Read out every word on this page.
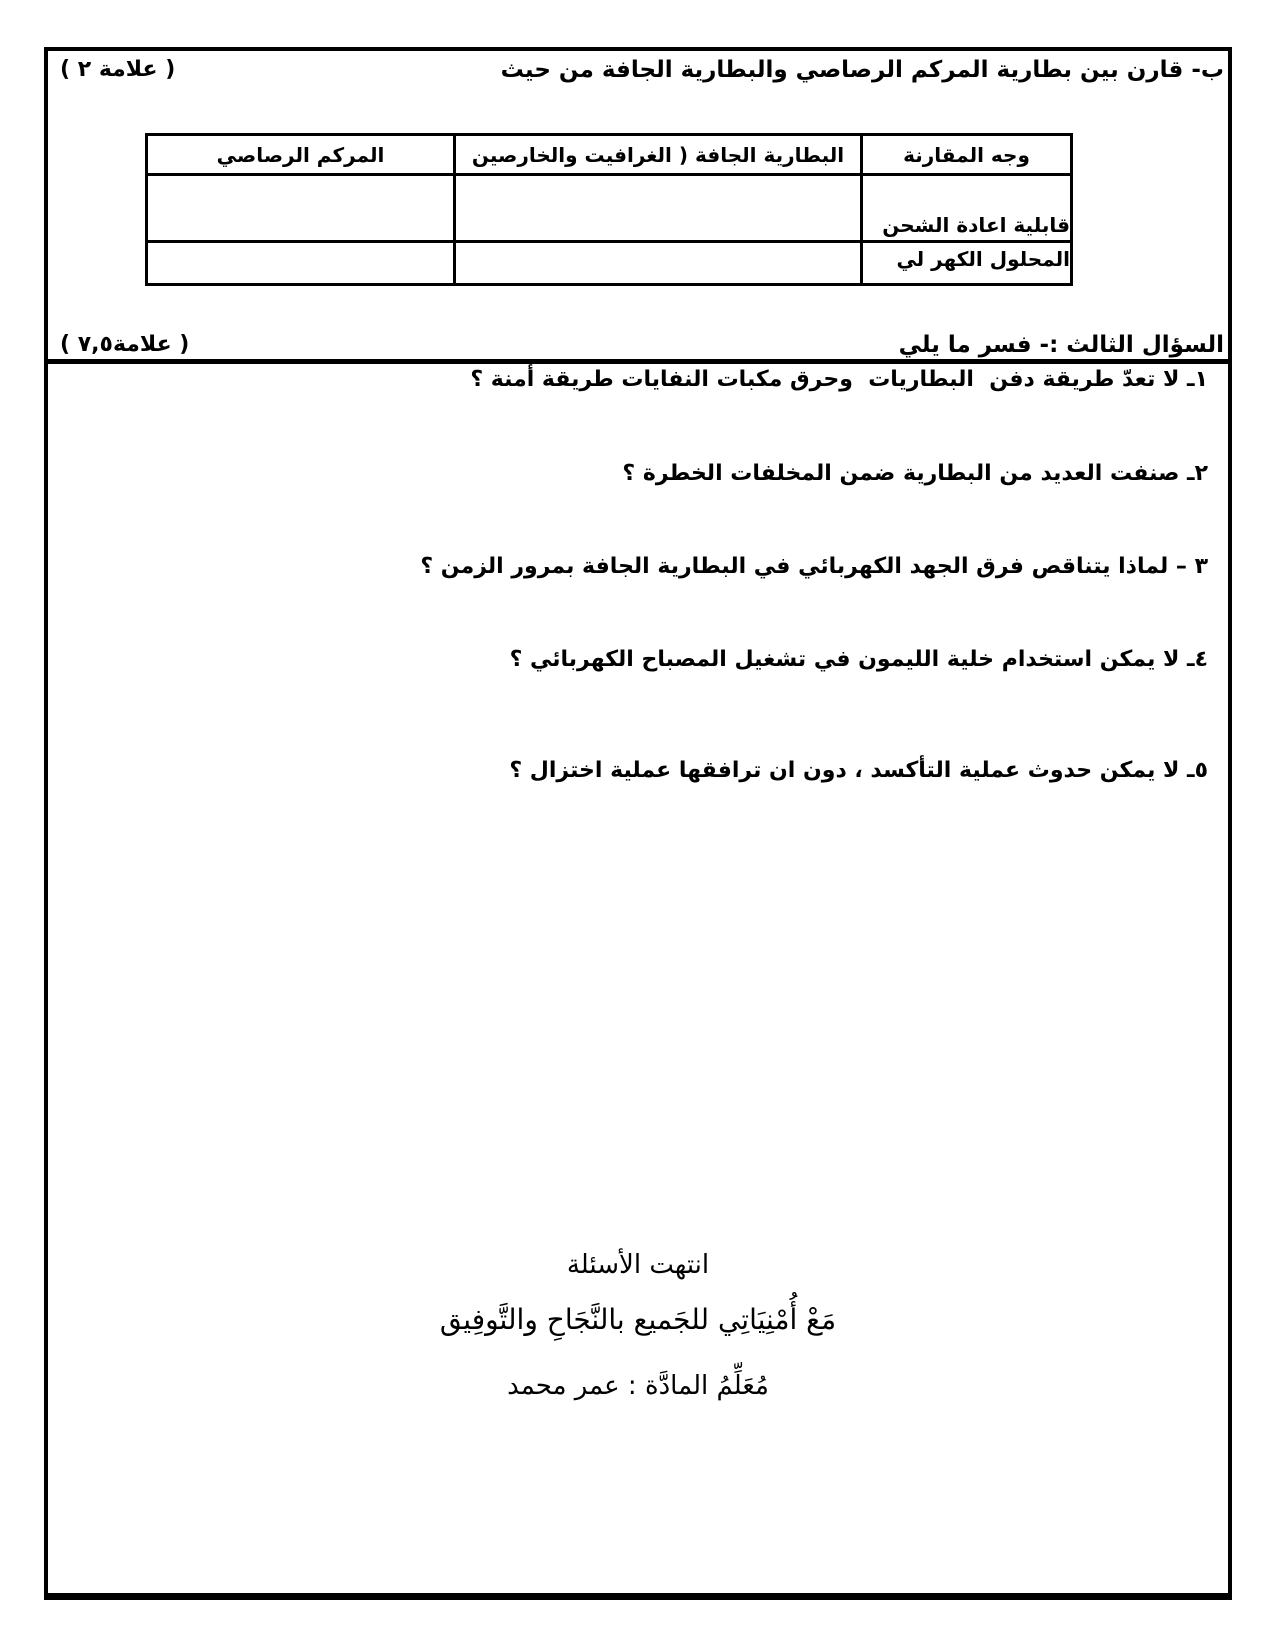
ب- قارن بين بطارية المركم الرصاصي والبطارية الجافة من حيث
( ٢‎ علامة )
وجه المقارنة	البطارية الجافة ( الغرافيت والخارصين	المركم الرصاصي
قابلية اعادة الشحن		
المحلول الكهر لي		
السؤال الثالث :- فسر ما يلي
( ٧,٥‎علامة )
١ـ لا تعدّ طريقة دفن  البطاريات  وحرق مكبات النفايات طريقة أمنة ؟
٢ـ صنفت العديد من البطارية ضمن المخلفات الخطرة ؟
٣ – لماذا يتناقص فرق الجهد الكهربائي في البطارية الجافة بمرور الزمن ؟
٤ـ لا يمكن استخدام خلية الليمون في تشغيل المصباح الكهربائي ؟
٥ـ لا يمكن حدوث عملية التأكسد ، دون ان ترافقها عملية اختزال ؟
انتهت الأسئلة
مَعْ أُمْنِيَاتِي للجَميع بالنَّجَاحِ والتَّوفِيق
مُعَلِّمُ المادَّة : عمر محمد
